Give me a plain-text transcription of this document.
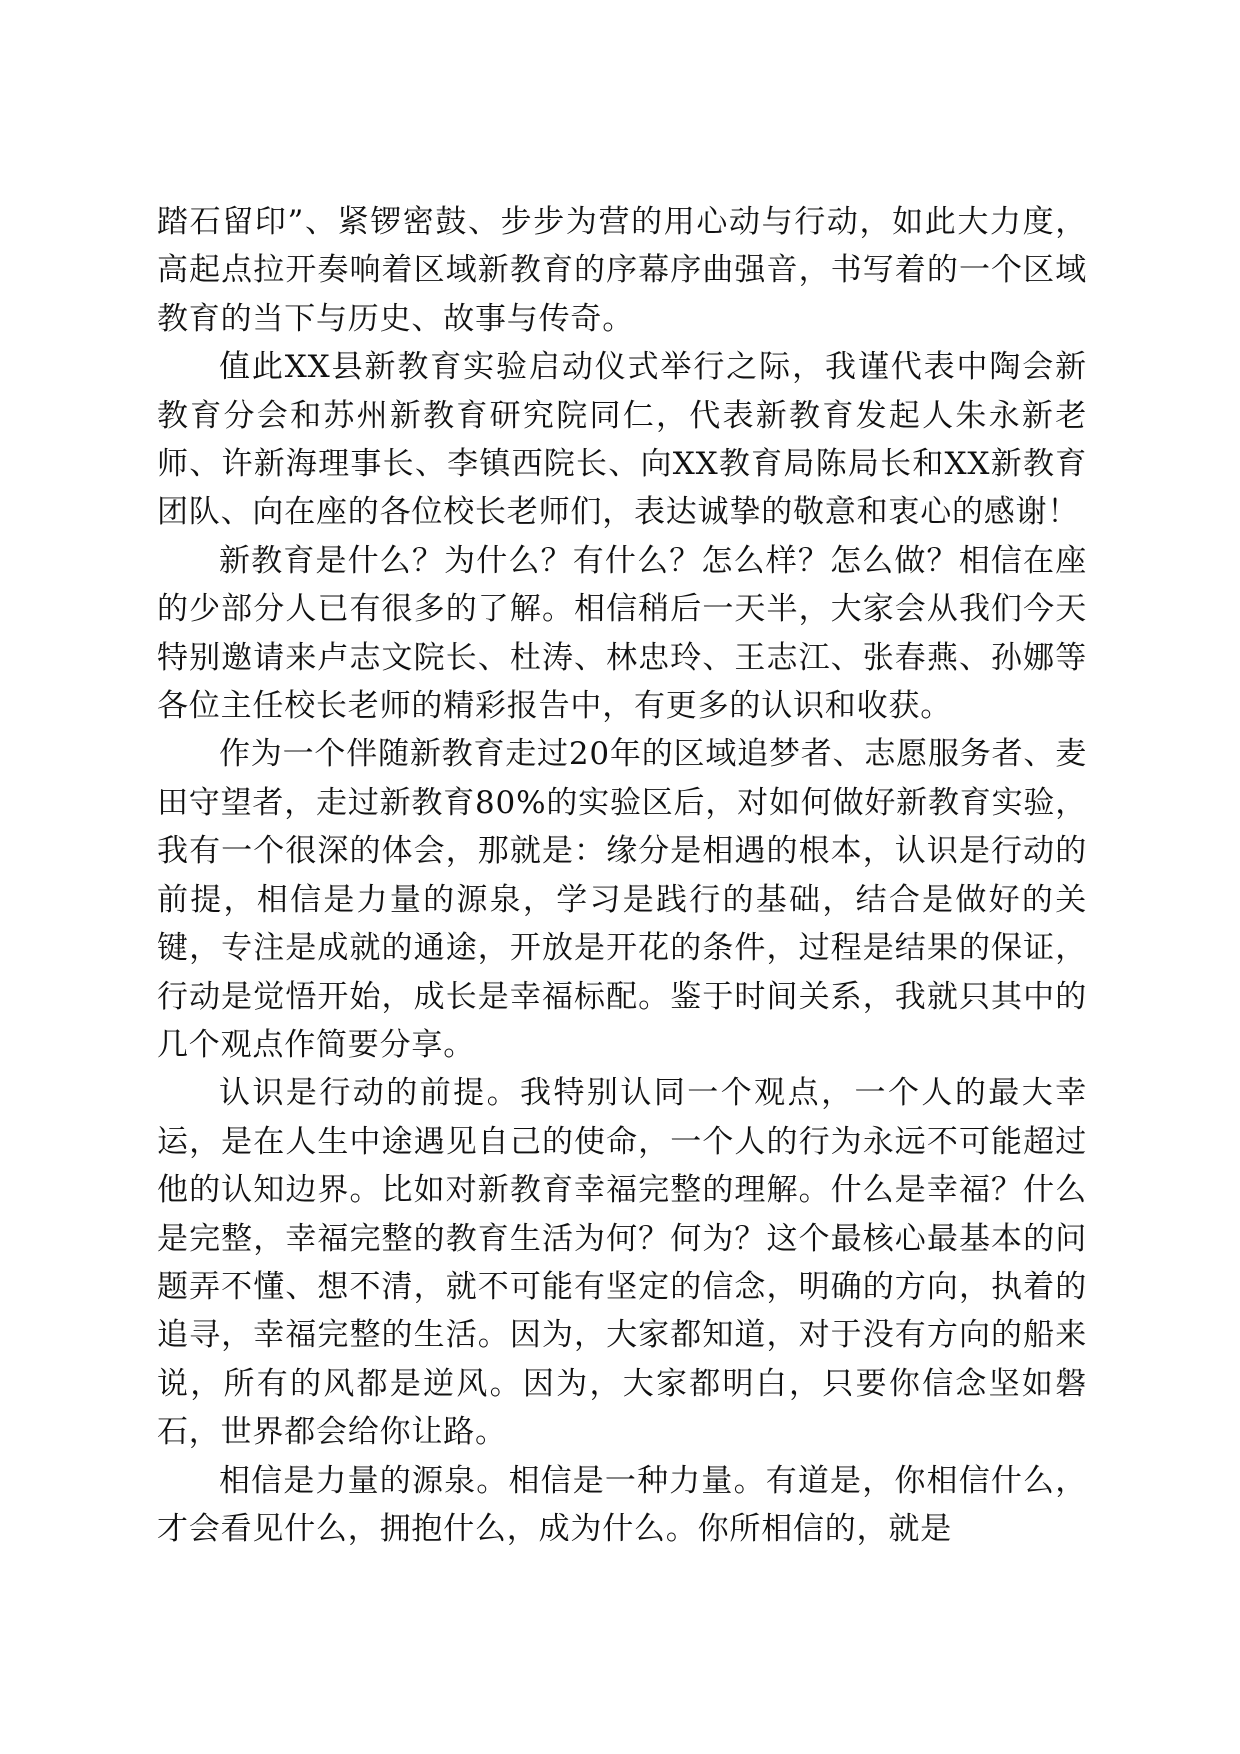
踏石留印”、紧锣密鼓、步步为营的用心动与行动，如此大力度，高起点拉开奏响着区域新教育的序幕序曲强音，书写着的一个区域教育的当下与历史、故事与传奇。

值此XX县新教育实验启动仪式举行之际，我谨代表中陶会新教育分会和苏州新教育研究院同仁，代表新教育发起人朱永新老师、许新海理事长、李镇西院长、向XX教育局陈局长和XX新教育团队、向在座的各位校长老师们，表达诚挚的敬意和衷心的感谢！

新教育是什么？为什么？有什么？怎么样？怎么做？相信在座的少部分人已有很多的了解。相信稍后一天半，大家会从我们今天特别邀请来卢志文院长、杜涛、林忠玲、王志江、张春燕、孙娜等各位主任校长老师的精彩报告中，有更多的认识和收获。

作为一个伴随新教育走过20年的区域追梦者、志愿服务者、麦田守望者，走过新教育80%的实验区后，对如何做好新教育实验，我有一个很深的体会，那就是：缘分是相遇的根本，认识是行动的前提，相信是力量的源泉，学习是践行的基础，结合是做好的关键，专注是成就的通途，开放是开花的条件，过程是结果的保证，行动是觉悟开始，成长是幸福标配。鉴于时间关系，我就只其中的几个观点作简要分享。

认识是行动的前提。我特别认同一个观点，一个人的最大幸运，是在人生中途遇见自己的使命，一个人的行为永远不可能超过他的认知边界。比如对新教育幸福完整的理解。什么是幸福？什么是完整，幸福完整的教育生活为何？何为？这个最核心最基本的问题弄不懂、想不清，就不可能有坚定的信念，明确的方向，执着的追寻，幸福完整的生活。因为，大家都知道，对于没有方向的船来说，所有的风都是逆风。因为，大家都明白，只要你信念坚如磐石，世界都会给你让路。

相信是力量的源泉。相信是一种力量。有道是，你相信什么，才会看见什么，拥抱什么，成为什么。你所相信的，就是
